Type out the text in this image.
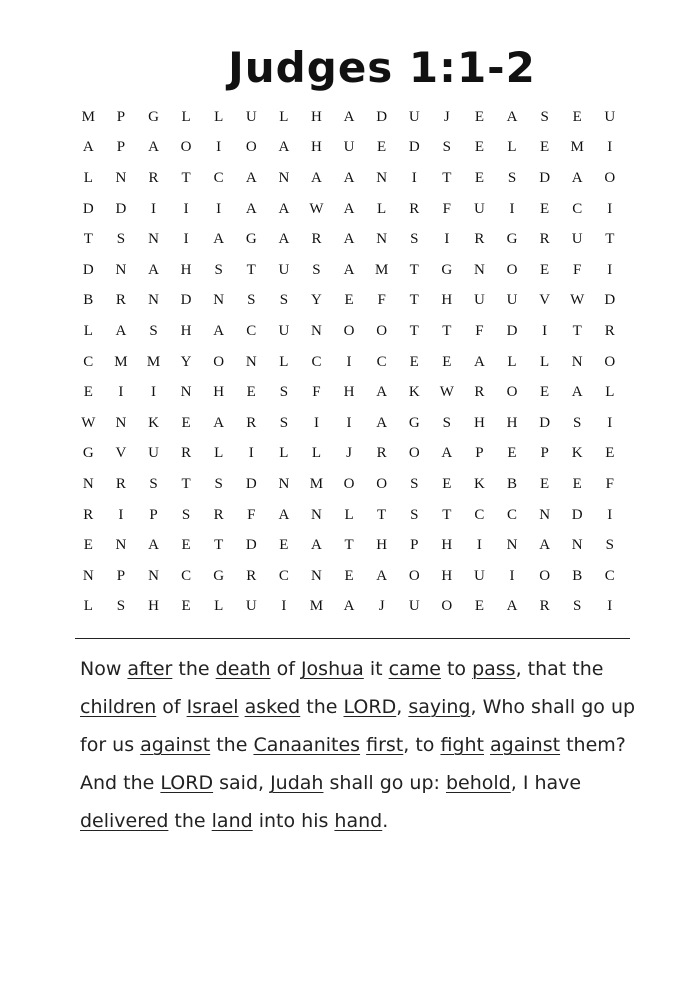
Judges 1:1-2
M	P	G	L	L	U	L	H	A	D	U	J	E	A	S	E	U
A	P	A	O	I	O	A	H	U	E	D	S	E	L	E	M	I
L	N	R	T	C	A	N	A	A	N	I	T	E	S	D	A	O
D	D	I	I	I	A	A	W	A	L	R	F	U	I	E	C	I
T	S	N	I	A	G	A	R	A	N	S	I	R	G	R	U	T
D	N	A	H	S	T	U	S	A	M	T	G	N	O	E	F	I
B	R	N	D	N	S	S	Y	E	F	T	H	U	U	V	W	D
L	A	S	H	A	C	U	N	O	O	T	T	F	D	I	T	R
C	M	M	Y	O	N	L	C	I	C	E	E	A	L	L	N	O
E	I	I	N	H	E	S	F	H	A	K	W	R	O	E	A	L
W	N	K	E	A	R	S	I	I	A	G	S	H	H	D	S	I
G	V	U	R	L	I	L	L	J	R	O	A	P	E	P	K	E
N	R	S	T	S	D	N	M	O	O	S	E	K	B	E	E	F
R	I	P	S	R	F	A	N	L	T	S	T	C	C	N	D	I
E	N	A	E	T	D	E	A	T	H	P	H	I	N	A	N	S
N	P	N	C	G	R	C	N	E	A	O	H	U	I	O	B	C
L	S	H	E	L	U	I	M	A	J	U	O	E	A	R	S	I

Now after the death of Joshua it came to pass, that the children of Israel asked the LORD, saying, Who shall go up for us against the Canaanites first, to fight against them? And the LORD said, Judah shall go up: behold, I have delivered the land into his hand.
